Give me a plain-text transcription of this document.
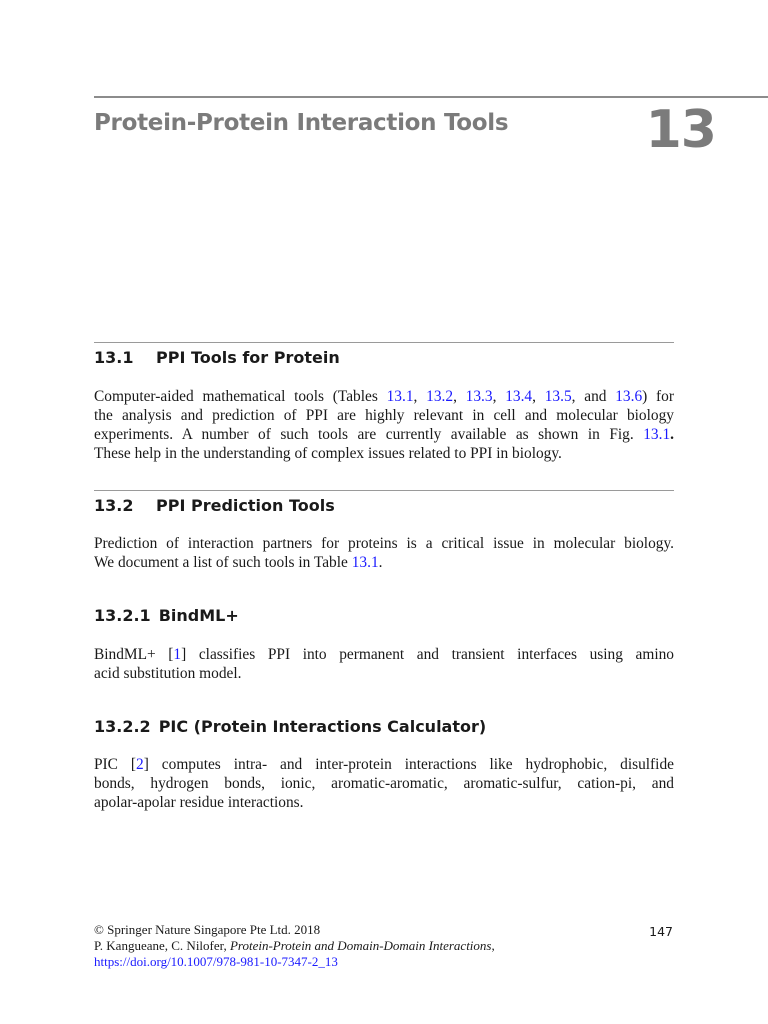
Protein-Protein Interaction Tools	13
13.1 PPI Tools for Protein
Computer-aided mathematical tools (Tables 13.1, 13.2, 13.3, 13.4, 13.5, and 13.6) for
the analysis and prediction of PPI are highly relevant in cell and molecular biology
experiments. A number of such tools are currently available as shown in Fig. 13.1.
These help in the understanding of complex issues related to PPI in biology.
13.2 PPI Prediction Tools
Prediction of interaction partners for proteins is a critical issue in molecular biology.
We document a list of such tools in Table 13.1.
13.2.1 BindML+
BindML+ [1] classifies PPI into permanent and transient interfaces using amino
acid substitution model.
13.2.2 PIC (Protein Interactions Calculator)
PIC [2] computes intra- and inter-protein interactions like hydrophobic, disulfide
bonds, hydrogen bonds, ionic, aromatic-aromatic, aromatic-sulfur, cation-pi, and
apolar-apolar residue interactions.
© Springer Nature Singapore Pte Ltd. 2018
P. Kangueane, C. Nilofer, Protein-Protein and Domain-Domain Interactions,
https://doi.org/10.1007/978-981-10-7347-2_13
147
